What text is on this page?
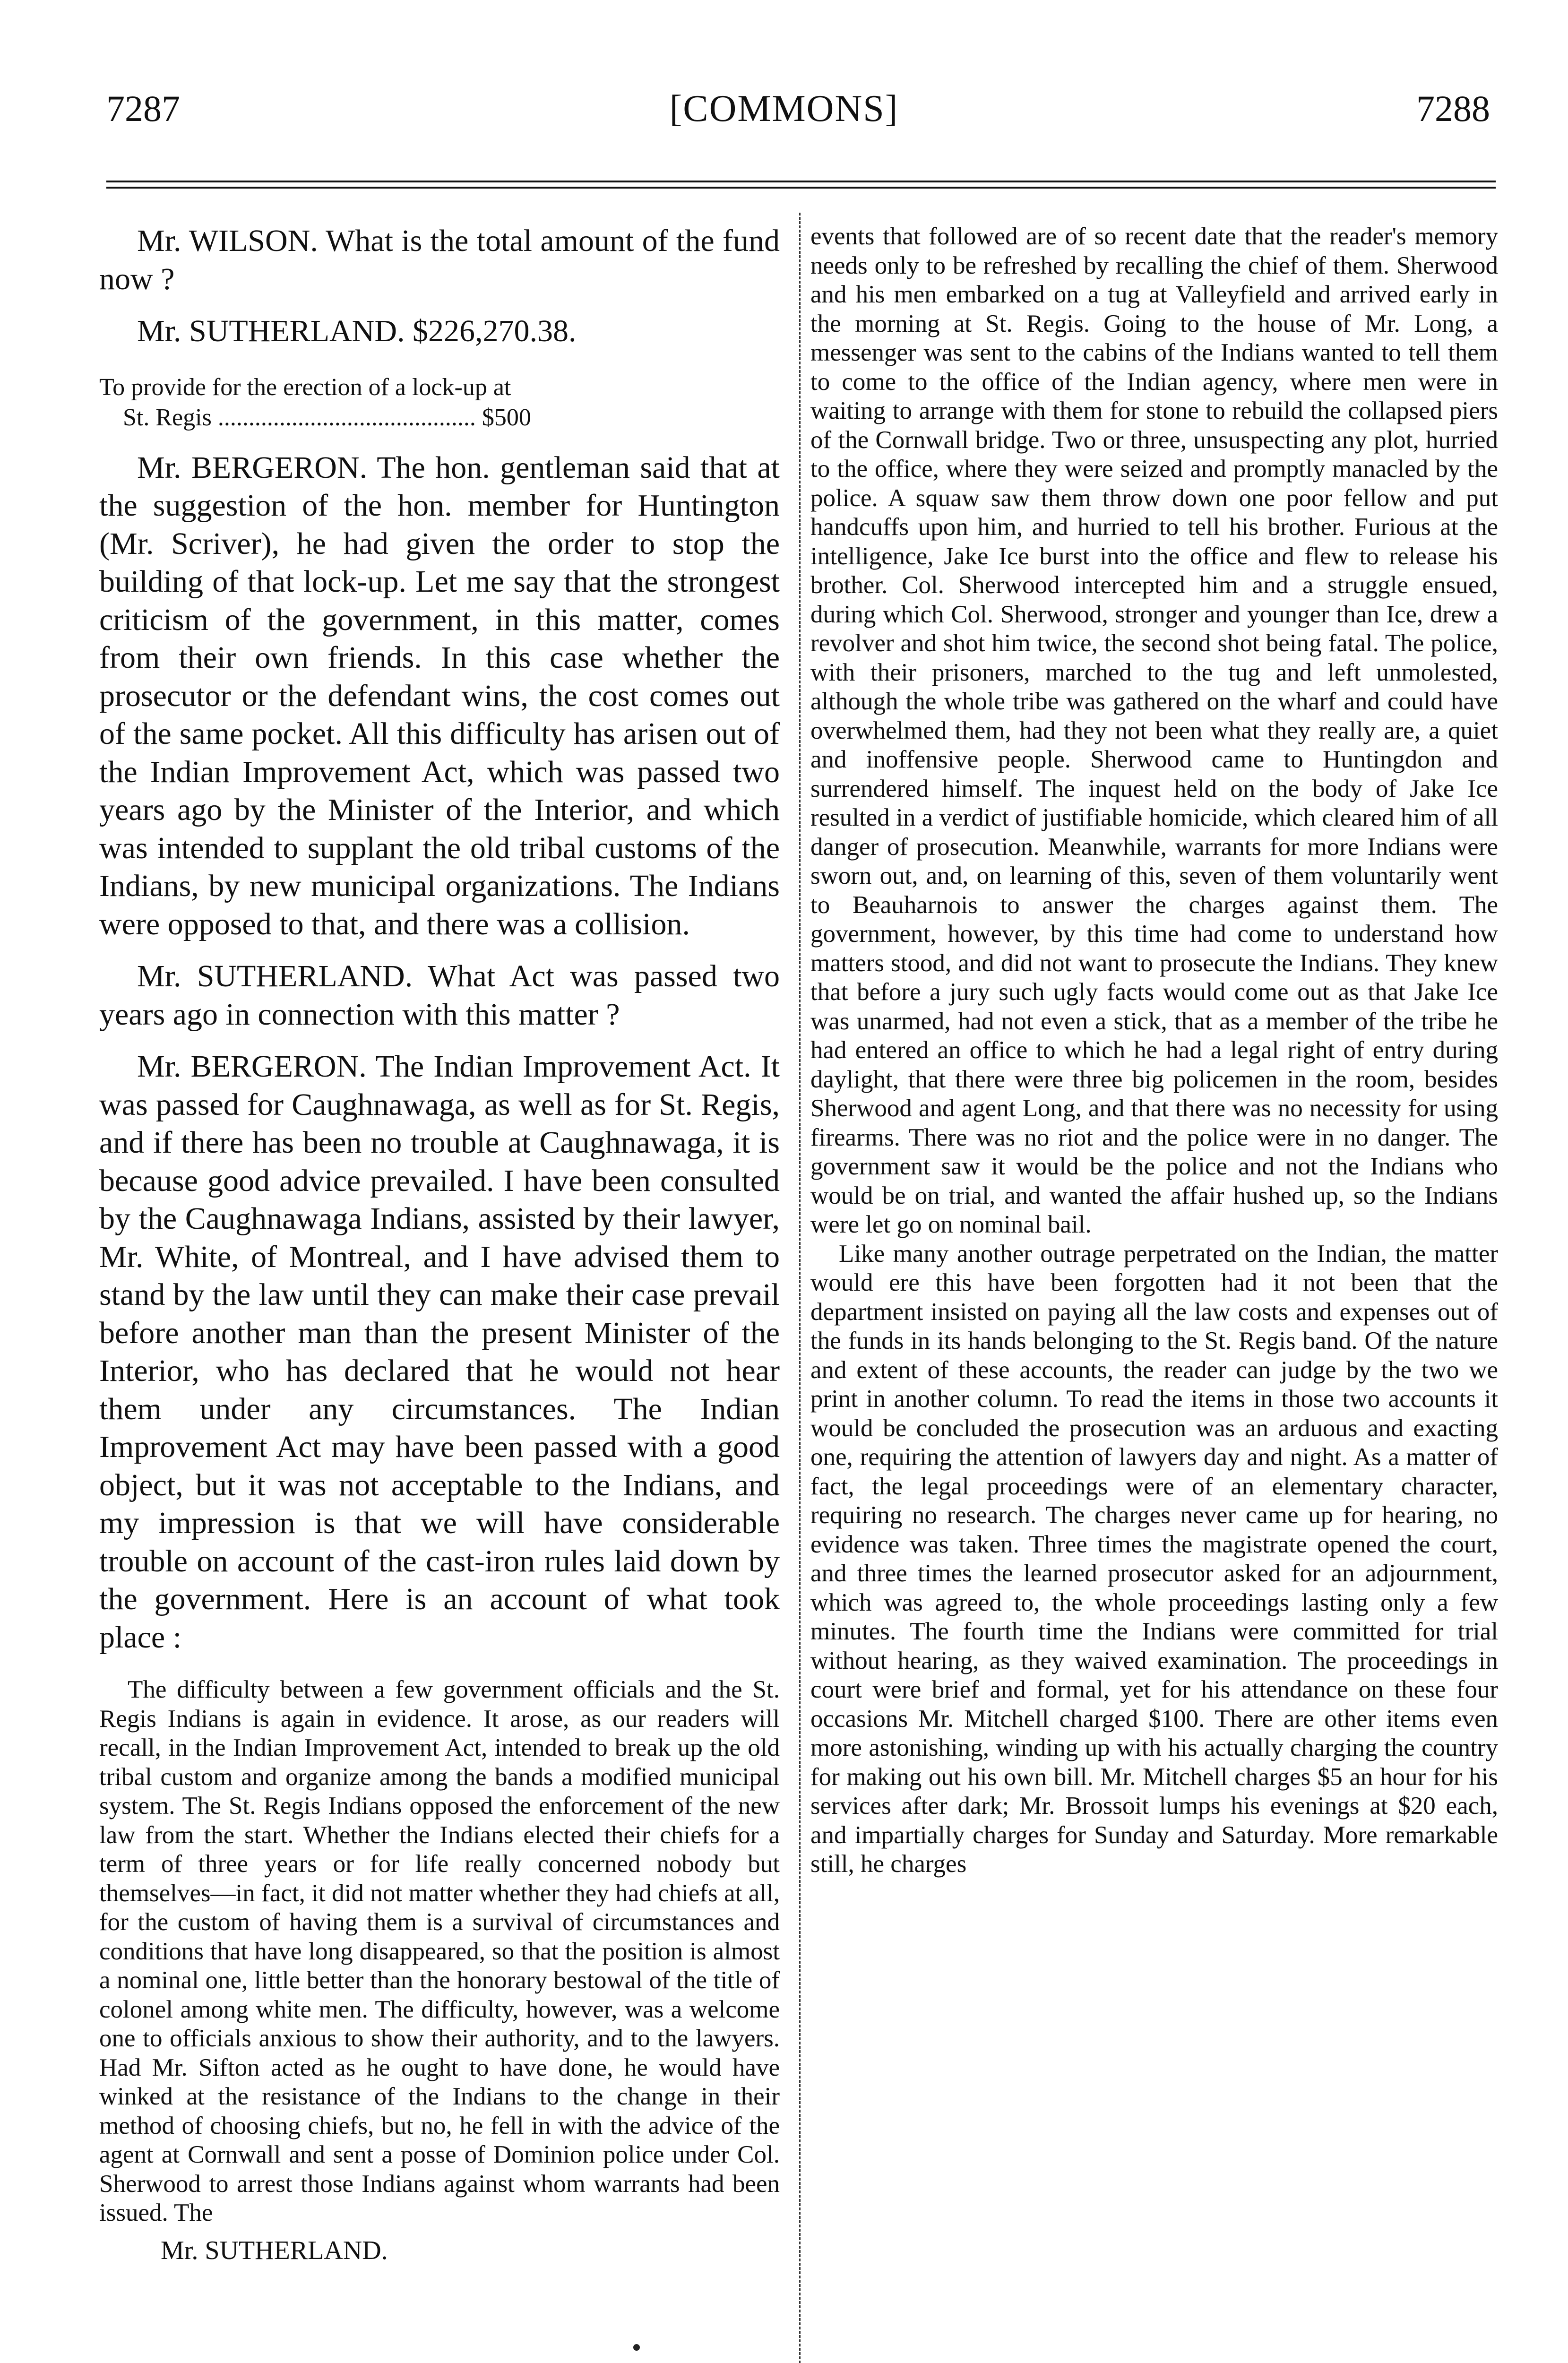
7287	[COMMONS]	7288

Mr. WILSON. What is the total amount of the fund now ?

Mr. SUTHERLAND. $226,270.38.

To provide for the erection of a lock-up at
St. Regis .......................................... $500

Mr. BERGERON. The hon. gentleman said that at the suggestion of the hon. member for Huntington (Mr. Scriver), he had given the order to stop the building of that lock-up. Let me say that the strongest criticism of the government, in this matter, comes from their own friends. In this case whether the prosecutor or the defendant wins, the cost comes out of the same pocket. All this difficulty has arisen out of the Indian Improvement Act, which was passed two years ago by the Minister of the Interior, and which was intended to supplant the old tribal customs of the Indians, by new municipal organizations. The Indians were opposed to that, and there was a collision.

Mr. SUTHERLAND. What Act was passed two years ago in connection with this matter ?

Mr. BERGERON. The Indian Improvement Act. It was passed for Caughnawaga, as well as for St. Regis, and if there has been no trouble at Caughnawaga, it is because good advice prevailed. I have been consulted by the Caughnawaga Indians, assisted by their lawyer, Mr. White, of Montreal, and I have advised them to stand by the law until they can make their case prevail before another man than the present Minister of the Interior, who has declared that he would not hear them under any circumstances. The Indian Improvement Act may have been passed with a good object, but it was not acceptable to the Indians, and my impression is that we will have considerable trouble on account of the cast-iron rules laid down by the government. Here is an account of what took place :

The difficulty between a few government officials and the St. Regis Indians is again in evidence. It arose, as our readers will recall, in the Indian Improvement Act, intended to break up the old tribal custom and organize among the bands a modified municipal system. The St. Regis Indians opposed the enforcement of the new law from the start. Whether the Indians elected their chiefs for a term of three years or for life really concerned nobody but themselves—in fact, it did not matter whether they had chiefs at all, for the custom of having them is a survival of circumstances and conditions that have long disappeared, so that the position is almost a nominal one, little better than the honorary bestowal of the title of colonel among white men. The difficulty, however, was a welcome one to officials anxious to show their authority, and to the lawyers. Had Mr. Sifton acted as he ought to have done, he would have winked at the resistance of the Indians to the change in their method of choosing chiefs, but no, he fell in with the advice of the agent at Cornwall and sent a posse of Dominion police under Col. Sherwood to arrest those Indians against whom warrants had been issued. The

Mr. SUTHERLAND.

events that followed are of so recent date that the reader's memory needs only to be refreshed by recalling the chief of them. Sherwood and his men embarked on a tug at Valleyfield and arrived early in the morning at St. Regis. Going to the house of Mr. Long, a messenger was sent to the cabins of the Indians wanted to tell them to come to the office of the Indian agency, where men were in waiting to arrange with them for stone to rebuild the collapsed piers of the Cornwall bridge. Two or three, unsuspecting any plot, hurried to the office, where they were seized and promptly manacled by the police. A squaw saw them throw down one poor fellow and put handcuffs upon him, and hurried to tell his brother. Furious at the intelligence, Jake Ice burst into the office and flew to release his brother. Col. Sherwood intercepted him and a struggle ensued, during which Col. Sherwood, stronger and younger than Ice, drew a revolver and shot him twice, the second shot being fatal. The police, with their prisoners, marched to the tug and left unmolested, although the whole tribe was gathered on the wharf and could have overwhelmed them, had they not been what they really are, a quiet and inoffensive people. Sherwood came to Huntingdon and surrendered himself. The inquest held on the body of Jake Ice resulted in a verdict of justifiable homicide, which cleared him of all danger of prosecution. Meanwhile, warrants for more Indians were sworn out, and, on learning of this, seven of them voluntarily went to Beauharnois to answer the charges against them. The government, however, by this time had come to understand how matters stood, and did not want to prosecute the Indians. They knew that before a jury such ugly facts would come out as that Jake Ice was unarmed, had not even a stick, that as a member of the tribe he had entered an office to which he had a legal right of entry during daylight, that there were three big policemen in the room, besides Sherwood and agent Long, and that there was no necessity for using firearms. There was no riot and the police were in no danger. The government saw it would be the police and not the Indians who would be on trial, and wanted the affair hushed up, so the Indians were let go on nominal bail.

Like many another outrage perpetrated on the Indian, the matter would ere this have been forgotten had it not been that the department insisted on paying all the law costs and expenses out of the funds in its hands belonging to the St. Regis band. Of the nature and extent of these accounts, the reader can judge by the two we print in another column. To read the items in those two accounts it would be concluded the prosecution was an arduous and exacting one, requiring the attention of lawyers day and night. As a matter of fact, the legal proceedings were of an elementary character, requiring no research. The charges never came up for hearing, no evidence was taken. Three times the magistrate opened the court, and three times the learned prosecutor asked for an adjournment, which was agreed to, the whole proceedings lasting only a few minutes. The fourth time the Indians were committed for trial without hearing, as they waived examination. The proceedings in court were brief and formal, yet for his attendance on these four occasions Mr. Mitchell charged $100. There are other items even more astonishing, winding up with his actually charging the country for making out his own bill. Mr. Mitchell charges $5 an hour for his services after dark; Mr. Brossoit lumps his evenings at $20 each, and impartially charges for Sunday and Saturday. More remarkable still, he charges
